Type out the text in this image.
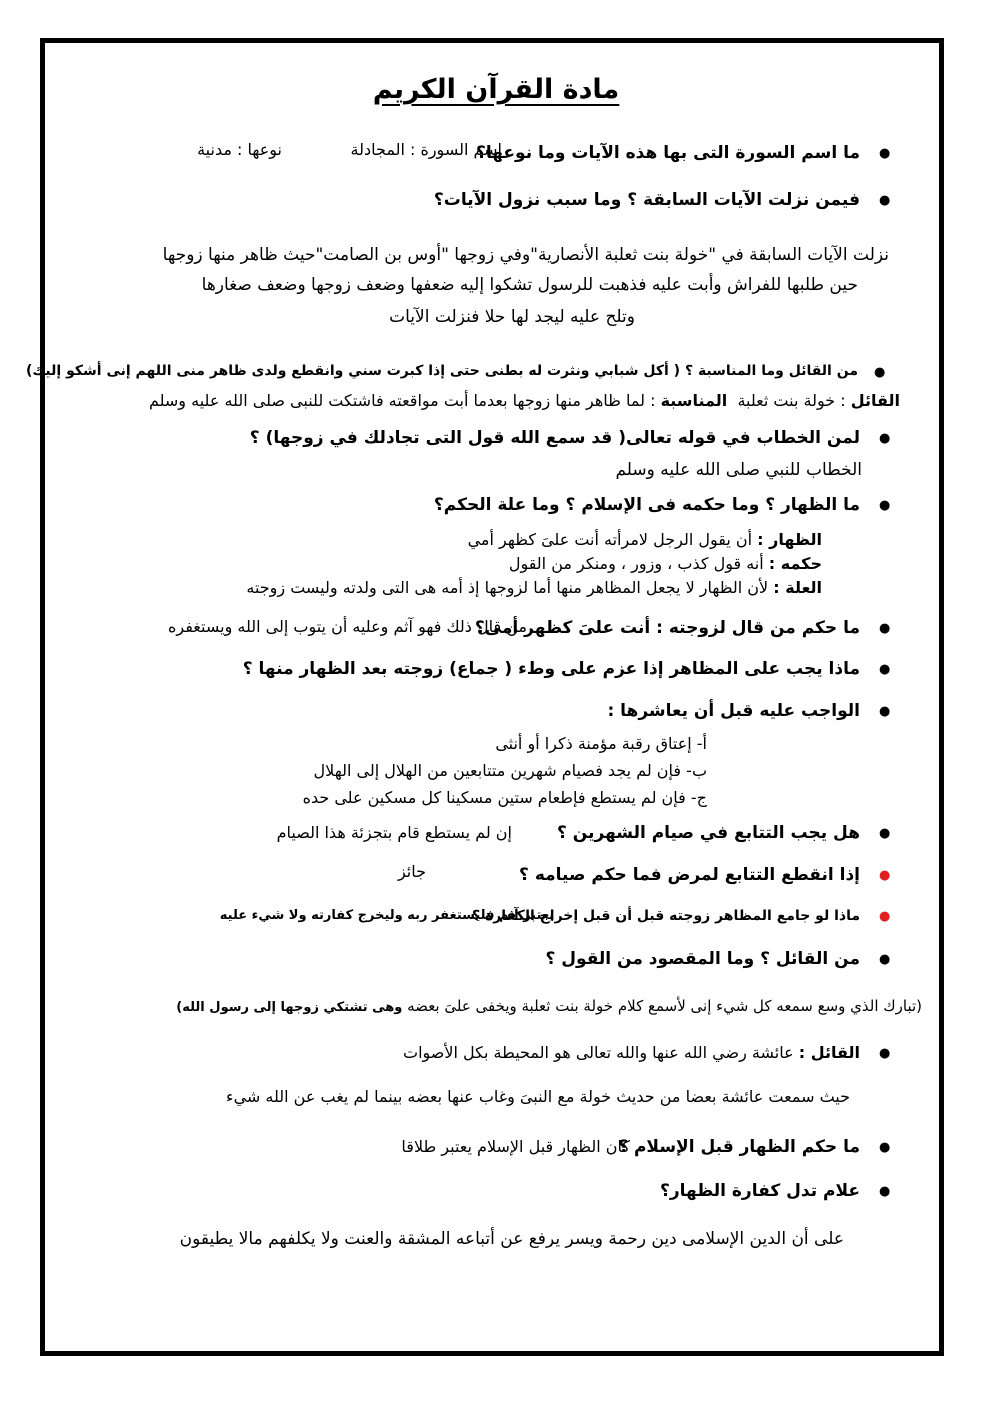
مادة القرآن الكريم
●
ما اسم السورة التى بها هذه الآيات وما نوعها؟
اسم السورة : المجادلة
نوعها : مدنية
●
فيمن نزلت الآيات السابقة ؟ وما سبب نزول الآيات؟
نزلت الآيات السابقة في "خولة بنت ثعلبة الأنصارية"وفي زوجها "أوس بن الصامت"حيث ظاهر منها زوجها
حين طلبها للفراش وأبت عليه فذهبت للرسول تشكوا إليه ضعفها وضعف زوجها وضعف صغارها
وتلح عليه ليجد لها حلا فنزلت الآيات
●
من القائل وما المناسبة ؟ ( أكل شبابي ونثرت له بطنى حتى إذا كبرت سني وانقطع ولدى ظاهر منى اللهم إنى أشكو إليك)
القائل : خولة بنت ثعلبة  المناسبة : لما ظاهر منها زوجها بعدما أبت مواقعته فاشتكت للنبى صلى الله عليه وسلم
●
لمن الخطاب في قوله تعالى( قد سمع الله قول التى تجادلك في زوجها) ؟
الخطاب للنبي صلى الله عليه وسلم
●
ما الظهار ؟ وما حكمه فى الإسلام ؟ وما علة الحكم؟
الظهار : أن يقول الرجل لامرأته أنت علىَ كظهر أمي
حكمه : أنه قول كذب ، وزور ، ومنكر من القول
العلة : لأن الظهار لا يجعل المظاهر منها أما لزوجها إذ أمه هى التى ولدته وليست زوجته
●
ما حكم من قال لزوجته : أنت علىَ كظهر أمى؟
من قال ذلك فهو آثم وعليه أن يتوب إلى الله ويستغفره
●
ماذا يجب على المظاهر إذا عزم على وطء ( جماع) زوجته بعد الظهار منها ؟
●
الواجب عليه قبل أن يعاشرها :
أ- إعتاق رقبة مؤمنة ذكرا أو أنثى
ب- فإن لم يجد فصيام شهرين متتابعين من الهلال إلى الهلال
ج- فإن لم يستطع فإطعام ستين مسكينا كل مسكين على حده
●
هل يجب التتابع في صيام الشهرين ؟
إن لم يستطع قام بتجزئة هذا الصيام
●
إذا انقطع التتابع لمرض فما حكم صيامه ؟
جائز
●
ماذا لو جامع المظاهر زوجته قبل أن قبل إخراج الكفارة ؟
يعتبر آثم فليستغفر ربه وليخرج كفارته ولا شيء عليه
●
من القائل ؟ وما المقصود من القول ؟
(تبارك الذي وسع سمعه كل شيء إنى لأسمع كلام خولة بنت ثعلبة ويخفى علىَ بعضه وهى تشتكي زوجها إلى رسول الله)
●
القائل : عائشة رضي الله عنها والله تعالى هو المحيطة بكل الأصوات
حيث سمعت عائشة بعضا من حديث خولة مع النبىَ وغاب عنها بعضه بينما لم يغب عن الله شيء
●
ما حكم الظهار قبل الإسلام ؟
كان الظهار قبل الإسلام يعتبر طلاقا
●
علام تدل كفارة الظهار؟
على أن الدين الإسلامى دين رحمة ويسر يرفع عن أتباعه المشقة والعنت ولا يكلفهم مالا يطيقون
